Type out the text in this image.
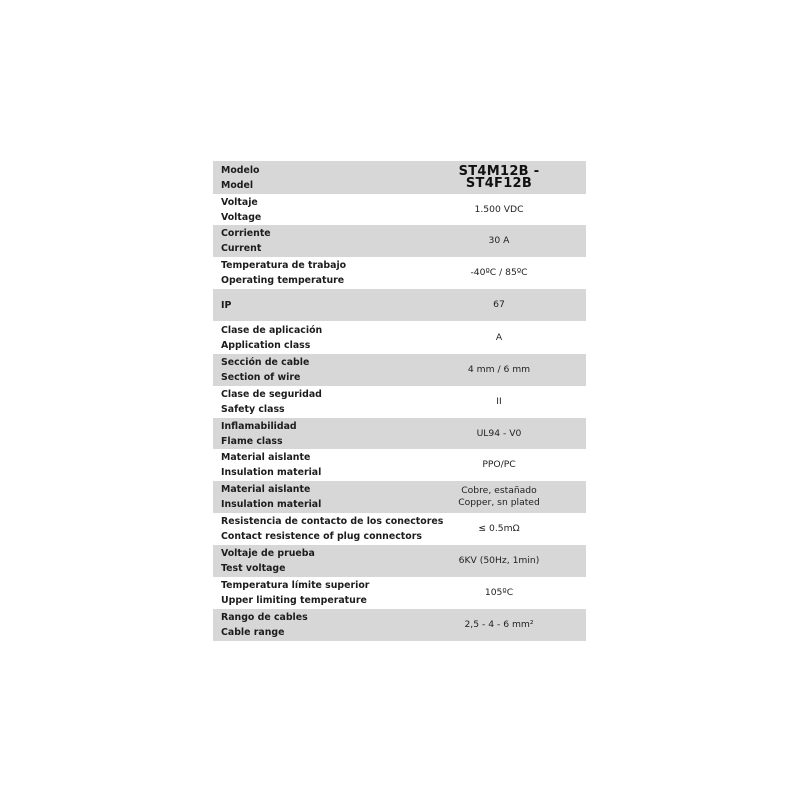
Modelo
Model
ST4M12B - ST4F12B
Voltaje
Voltage
1.500 VDC
Corriente
Current
30 A
Temperatura de trabajo
Operating temperature
-40ºC / 85ºC
IP	67
Clase de aplicación
Application class
A
Sección de cable
Section of wire
4 mm / 6 mm
Clase de seguridad
Safety class
II
Inflamabilidad
Flame class
UL94 - V0
Material aislante
Insulation material
PPO/PC
Material aislante
Insulation material
Cobre, estañado
Copper, sn plated
Resistencia de contacto de los conectores
Contact resistence of plug connectors
≤ 0.5mΩ
Voltaje de prueba
Test voltage
6KV (50Hz, 1min)
Temperatura límite superior
Upper limiting temperature
105ºC
Rango de cables
Cable range
2,5 - 4 - 6 mm²
